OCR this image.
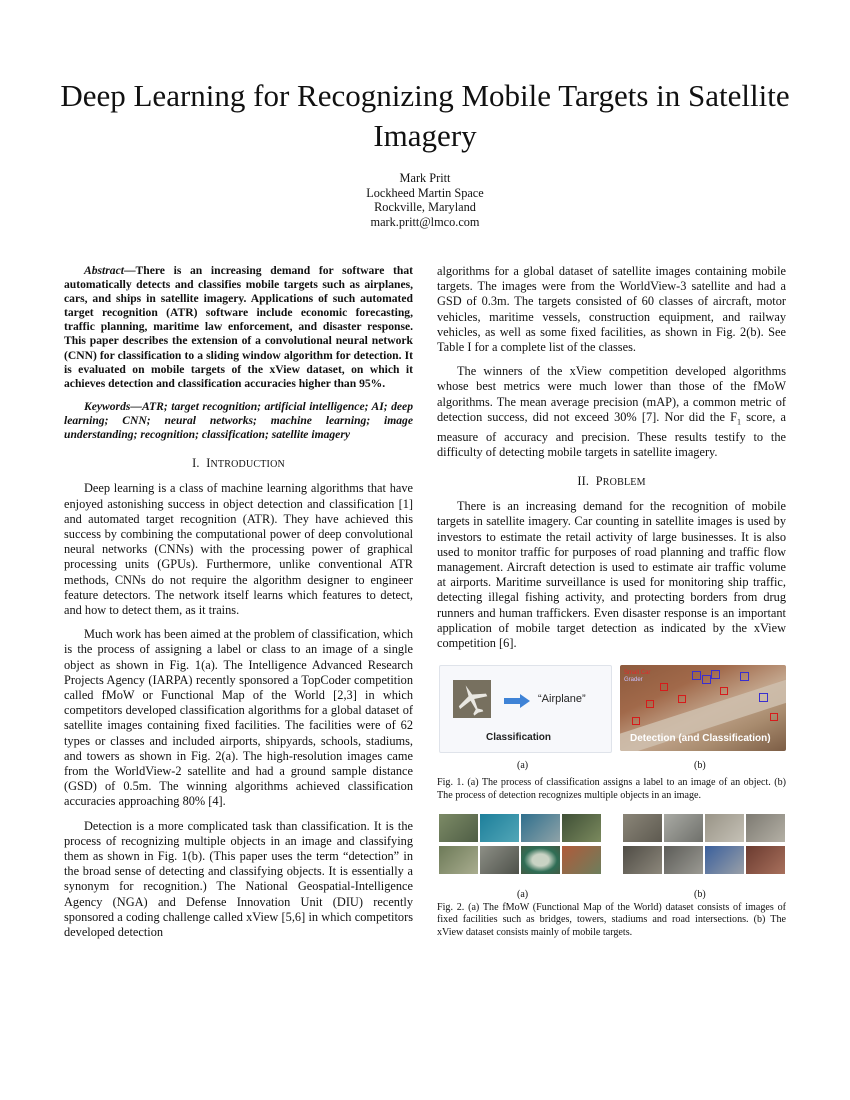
Deep Learning for Recognizing Mobile Targets in Satellite Imagery
Mark Pritt
Lockheed Martin Space
Rockville, Maryland
mark.pritt@lmco.com

Abstract—There is an increasing demand for software that automatically detects and classifies mobile targets such as airplanes, cars, and ships in satellite imagery. Applications of such automated target recognition (ATR) software include economic forecasting, traffic planning, maritime law enforcement, and disaster response. This paper describes the extension of a convolutional neural network (CNN) for classification to a sliding window algorithm for detection. It is evaluated on mobile targets of the xView dataset, on which it achieves detection and classification accuracies higher than 95%.

Keywords—ATR; target recognition; artificial intelligence; AI; deep learning; CNN; neural networks; machine learning; image understanding; recognition; classification; satellite imagery

I. INTRODUCTION

Deep learning is a class of machine learning algorithms that have enjoyed astonishing success in object detection and classification [1] and automated target recognition (ATR). They have achieved this success by combining the computational power of deep convolutional neural networks (CNNs) with the processing power of graphical processing units (GPUs). Furthermore, unlike conventional ATR methods, CNNs do not require the algorithm designer to engineer feature detectors. The network itself learns which features to detect, and how to detect them, as it trains.

Much work has been aimed at the problem of classification, which is the process of assigning a label or class to an image of a single object as shown in Fig. 1(a). The Intelligence Advanced Research Projects Agency (IARPA) recently sponsored a TopCoder competition called fMoW or Functional Map of the World [2,3] in which competitors developed classification algorithms for a global dataset of satellite images containing fixed facilities. The facilities were of 62 types or classes and included airports, shipyards, schools, stadiums, and towers as shown in Fig. 2(a). The high-resolution images came from the WorldView-2 satellite and had a ground sample distance (GSD) of 0.5m. The winning algorithms achieved classification accuracies approaching 80% [4].

Detection is a more complicated task than classification. It is the process of recognizing multiple objects in an image and classifying them as shown in Fig. 1(b). (This paper uses the term “detection” in the broad sense of detecting and classifying objects. It is essentially a synonym for recognition.) The National Geospatial-Intelligence Agency (NGA) and Defense Innovation Unit (DIU) recently sponsored a coding challenge called xView [5,6] in which competitors developed detection

algorithms for a global dataset of satellite images containing mobile targets. The images were from the WorldView-3 satellite and had a GSD of 0.3m. The targets consisted of 60 classes of aircraft, motor vehicles, maritime vessels, construction equipment, and railway vehicles, as well as some fixed facilities, as shown in Fig. 2(b). See Table I for a complete list of the classes.

The winners of the xView competition developed algorithms whose best metrics were much lower than those of the fMoW algorithms. The mean average precision (mAP), a common metric of detection success, did not exceed 30% [7]. Nor did the $F_1$ score, a measure of accuracy and precision. These results testify to the difficulty of detecting mobile targets in satellite imagery.

II. PROBLEM

There is an increasing demand for the recognition of mobile targets in satellite imagery. Car counting in satellite images is used by investors to estimate the retail activity of large businesses. It is also used to monitor traffic for purposes of road planning and traffic flow management. Aircraft detection is used to estimate air traffic volume at airports. Maritime surveillance is used for monitoring ship traffic, detecting illegal fishing activity, and protecting borders from drug runners and human traffickers. Even disaster response is an important application of mobile target detection as indicated by the xView competition [6].

“Airplane”
Classification
Small Car
Grader
Detection (and Classification)
(a)	(b)
Fig. 1. (a) The process of classification assigns a label to an image of an object. (b) The process of detection recognizes multiple objects in an image.
(a)	(b)
Fig. 2. (a) The fMoW (Functional Map of the World) dataset consists of images of fixed facilities such as bridges, towers, stadiums and road intersections. (b) The xView dataset consists mainly of mobile targets.
